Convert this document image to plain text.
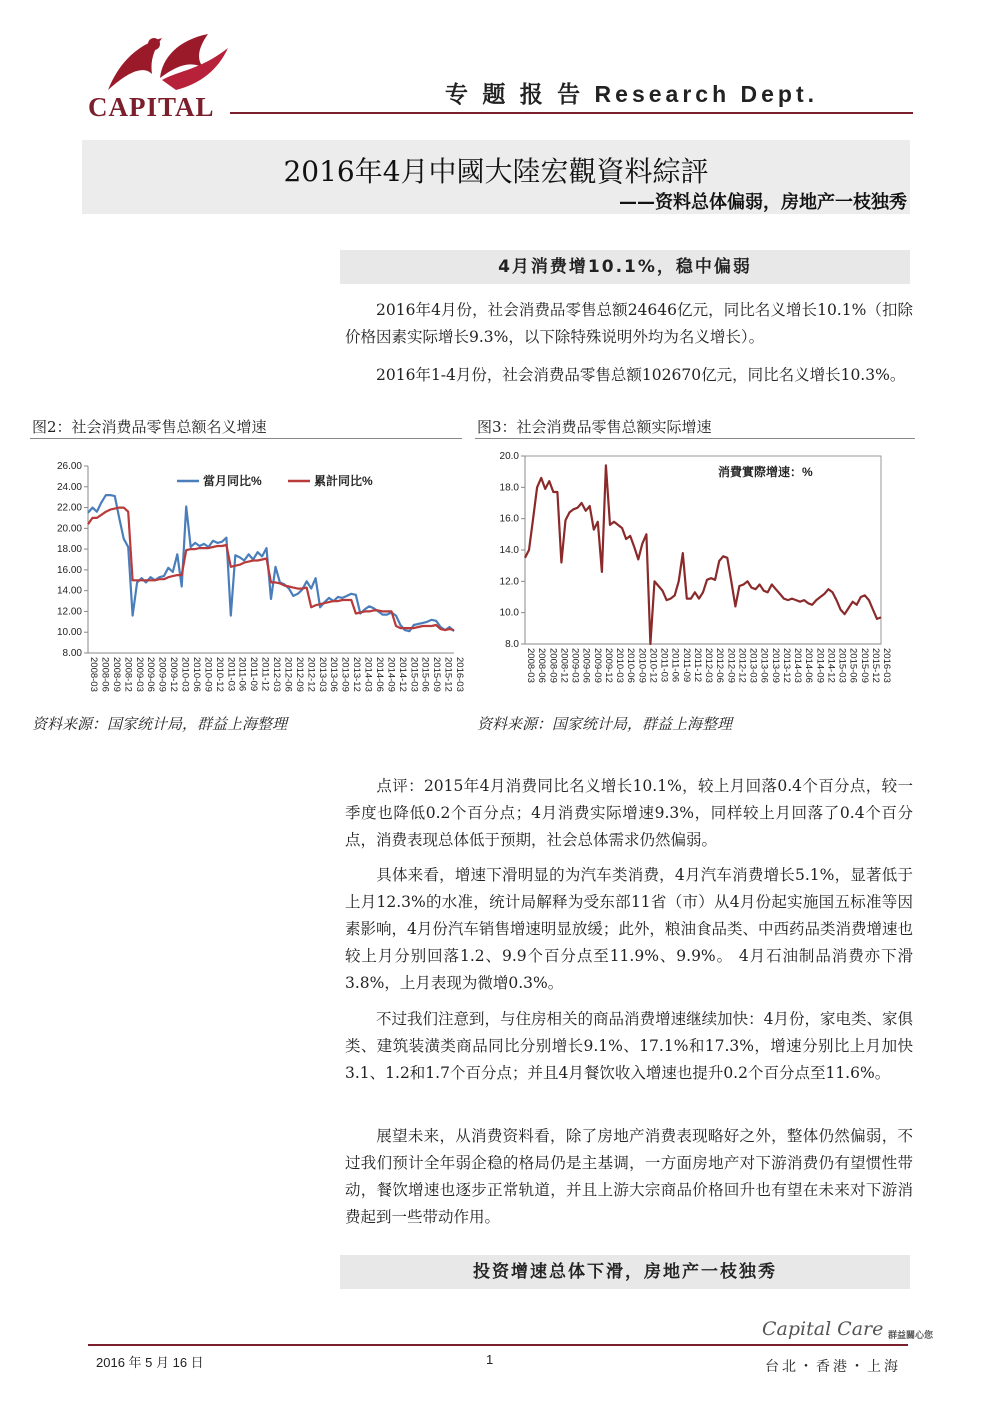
CAPITAL	专 题 报 告 Research Dept.
2016年4月中國大陸宏觀資料綜評
——资料总体偏弱，房地产一枝独秀
4月消费增10.1%，稳中偏弱
2016年4月份，社会消费品零售总额24646亿元，同比名义增长10.1%（扣除价格因素实际增长9.3%，以下除特殊说明外均为名义增长）。
2016年1-4月份，社会消费品零售总额102670亿元，同比名义增长10.3%。
图2：社会消费品零售总额名义增速
26.00
24.00
22.00
20.00
18.00
16.00
14.00
12.00
10.00
8.00
2008-03 2008-06 2008-09 2008-12 2009-03 2009-06 2009-09 2009-12 2010-03 2010-06 2010-09 2010-12 2011-03 2011-06 2011-09 2011-12 2012-03 2012-06 2012-09 2012-12 2013-03 2013-06 2013-09 2013-12 2014-03 2014-06 2014-09 2014-12 2015-03 2015-06 2015-09 2015-12 2016-03
當月同比%	累計同比%
资料来源：国家统计局，群益上海整理
图3：社会消费品零售总额实际增速
20.0
18.0
16.0
14.0
12.0
10.0
8.0
2008-03 2008-06 2008-09 2008-12 2009-03 2009-06 2009-09 2009-12 2010-03 2010-06 2010-09 2010-12 2011-03 2011-06 2011-09 2011-12 2012-03 2012-06 2012-09 2012-12 2013-03 2013-06 2013-09 2013-12 2014-03 2014-06 2014-09 2014-12 2015-03 2015-06 2015-09 2015-12 2016-03
消費實際增速：%
资料来源：国家统计局，群益上海整理
点评：2015年4月消费同比名义增长10.1%，较上月回落0.4个百分点，较一季度也降低0.2个百分点；4月消费实际增速9.3%，同样较上月回落了0.4个百分点，消费表现总体低于预期，社会总体需求仍然偏弱。
具体来看，增速下滑明显的为汽车类消费，4月汽车消费增长5.1%，显著低于上月12.3%的水准，统计局解释为受东部11省（市）从4月份起实施国五标准等因素影响，4月份汽车销售增速明显放缓；此外，粮油食品类、中西药品类消费增速也较上月分别回落1.2、9.9个百分点至11.9%、9.9%。 4月石油制品消费亦下滑3.8%，上月表现为微增0.3%。
不过我们注意到，与住房相关的商品消费增速继续加快：4月份，家电类、家俱类、建筑装潢类商品同比分别增长9.1%、17.1%和17.3%，增速分别比上月加快3.1、1.2和1.7个百分点；并且4月餐饮收入增速也提升0.2个百分点至11.6%。
展望未来，从消费资料看，除了房地产消费表现略好之外，整体仍然偏弱，不过我们预计全年弱企稳的格局仍是主基调，一方面房地产对下游消费仍有望惯性带动，餐饮增速也逐步正常轨道，并且上游大宗商品价格回升也有望在未来对下游消费起到一些带动作用。
投资增速总体下滑，房地产一枝独秀
Capital Care 群益關心您
2016 年 5 月 16 日	1	台北・香港・上海
